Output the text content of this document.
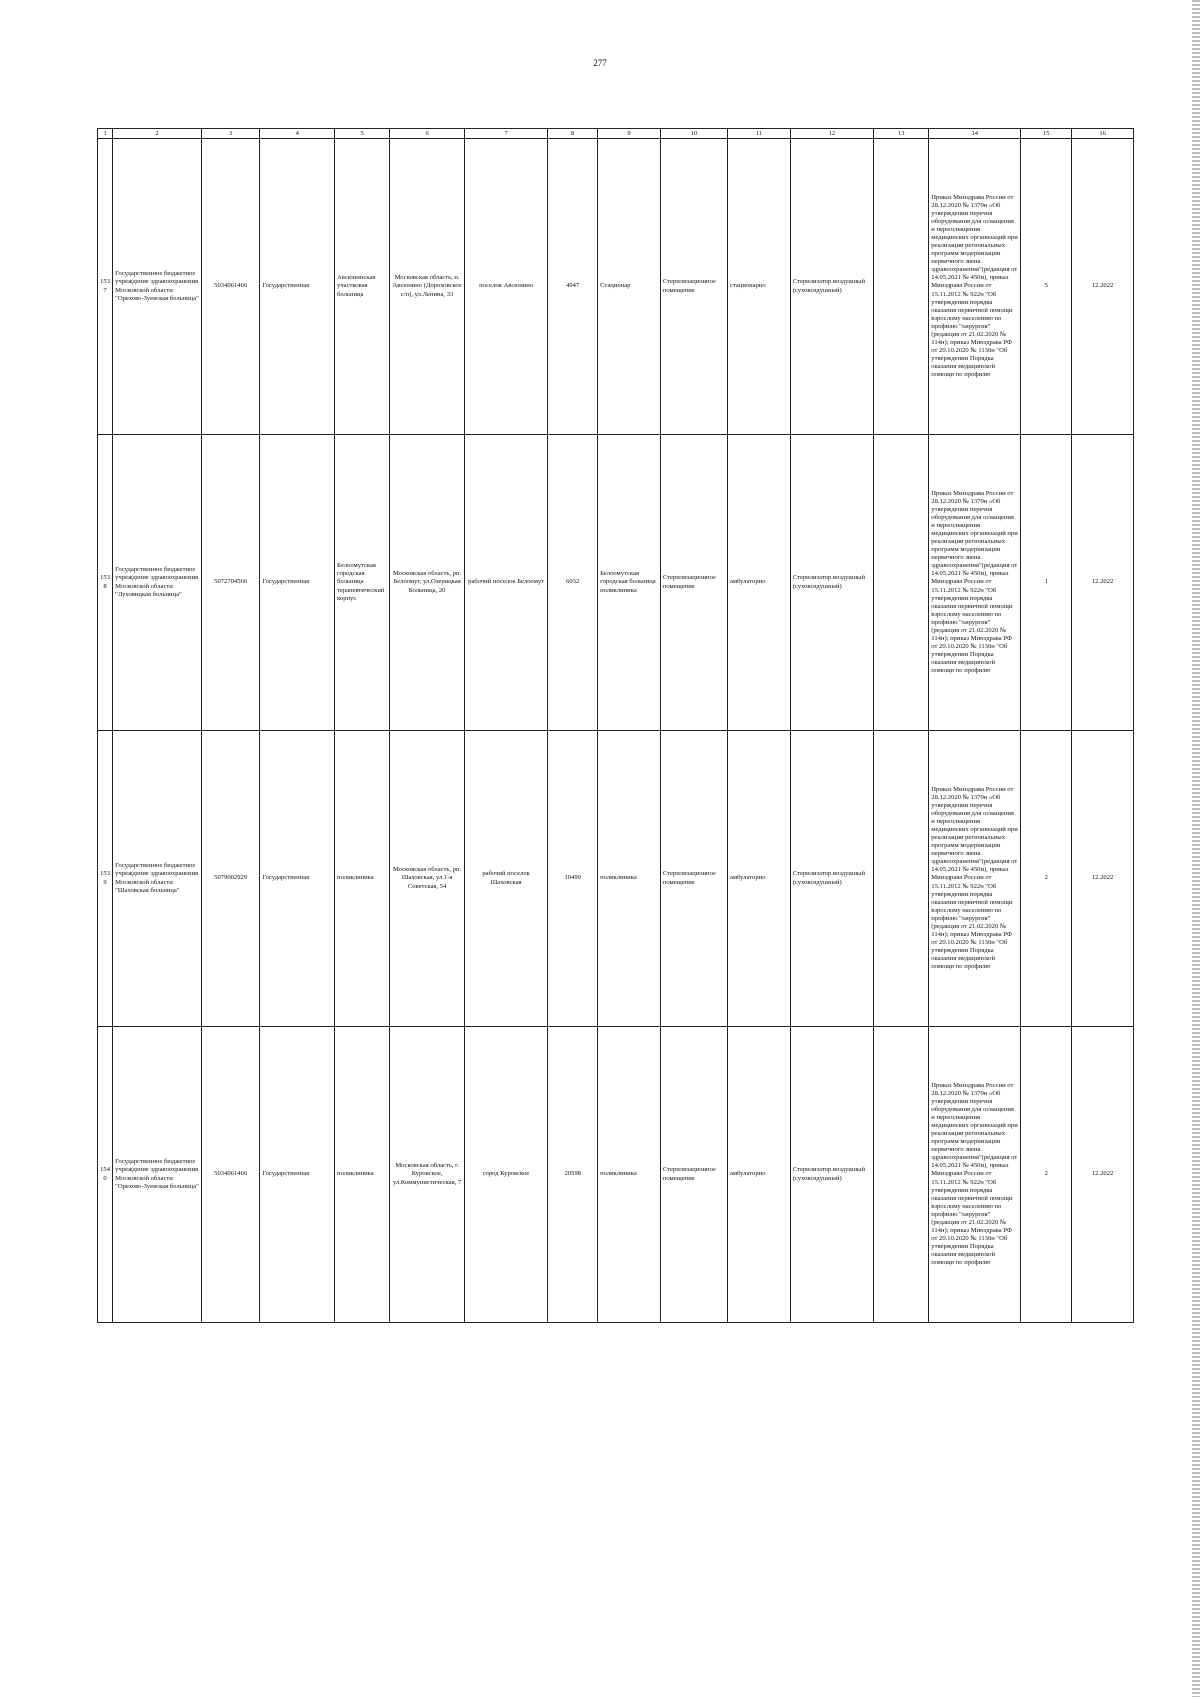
277
1	2	3	4	5	6	7	8	9	10	11	12	13	14	15	16
1537	Государственное бюджетное учреждение здравоохранения Московской области "Орехово-Зуевская больница"	5034061466	Государственная	Авсюнинская участковая больница	Московская область, п. Авсюнино (Дороховское с/п), ул.Ленина, 33	поселок Авсюнино	4947	Стационар	Стерилизационное помещение	стационарно	Стерилизатор воздушный (суховоздушный)		Приказ Минздрава России от 28.12.2020 № 1379н «Об утверждении перечня оборудования для оснащения и переоснащения медицинских организаций при реализации региональных программ модернизации первичного звена здравоохранения"(редакция от 14.05.2021 № 450н), приказ Минздрава России от 15.11.2012 № 922н "Об утверждении порядка оказания первичной помощи взрослому населению по профилю "хирургия" (редакция от 21.02.2020 № 114н); приказ Минздрава РФ от 20.10.2020 № 1130н "Об утверждении Порядка оказания медицинской помощи по профилю	5	12.2022
1538	Государственное бюджетное учреждение здравоохранения Московской области "Луховицкая больница"	5072704566	Государственная	Белоомутская городская больница терапевтический корпус	Московская область, рп. Белоомут, ул.Озерицкая Больница, 20	рабочий поселок Белоомут	6032	Белоомутская городская больница поликлиника	Стерилизационное помещение	амбулаторно	Стерилизатор воздушный (суховоздушный)		Приказ Минздрава России от 28.12.2020 № 1379н «Об утверждении перечня оборудования для оснащения и переоснащения медицинских организаций при реализации региональных программ модернизации первичного звена здравоохранения"(редакция от 14.05.2021 № 450н), приказ Минздрава России от 15.11.2012 № 922н "Об утверждении порядка оказания первичной помощи взрослому населению по профилю "хирургия" (редакция от 21.02.2020 № 114н); приказ Минздрава РФ от 20.10.2020 № 1130н "Об утверждении Порядка оказания медицинской помощи по профилю	1	12.2022
1539	Государственное бюджетное учреждение здравоохранения Московской области "Шаховская больница"	5079002929	Государственная	поликлиника	Московская область, рп. Шаховская, ул.1-я Советская, 54	рабочий поселок Шаховская	10499	поликлиника	Стерилизационное помещение	амбулаторно	Стерилизатор воздушный (суховоздушный)		Приказ Минздрава России от 28.12.2020 № 1379н «Об утверждении перечня оборудования для оснащения и переоснащения медицинских организаций при реализации региональных программ модернизации первичного звена здравоохранения"(редакция от 14.05.2021 № 450н), приказ Минздрава России от 15.11.2012 № 922н "Об утверждении порядка оказания первичной помощи взрослому населению по профилю "хирургия" (редакция от 21.02.2020 № 114н); приказ Минздрава РФ от 20.10.2020 № 1130н "Об утверждении Порядка оказания медицинской помощи по профилю	2	12.2022
1540	Государственное бюджетное учреждение здравоохранения Московской области "Орехово-Зуевская больница"	5034061466	Государственная	поликлиника	Московская область, г. Куровское, ул.Коммунистическая, 7	город Куровское	20598	поликлиника	Стерилизационное помещение	амбулаторно	Стерилизатор воздушный (суховоздушный)		Приказ Минздрава России от 28.12.2020 № 1379н «Об утверждении перечня оборудования для оснащения и переоснащения медицинских организаций при реализации региональных программ модернизации первичного звена здравоохранения"(редакция от 14.05.2021 № 450н), приказ Минздрава России от 15.11.2012 № 922н "Об утверждении порядка оказания первичной помощи взрослому населению по профилю "хирургия" (редакция от 21.02.2020 № 114н); приказ Минздрава РФ от 20.10.2020 № 1130н "Об утверждении Порядка оказания медицинской помощи по профилю	2	12.2022
